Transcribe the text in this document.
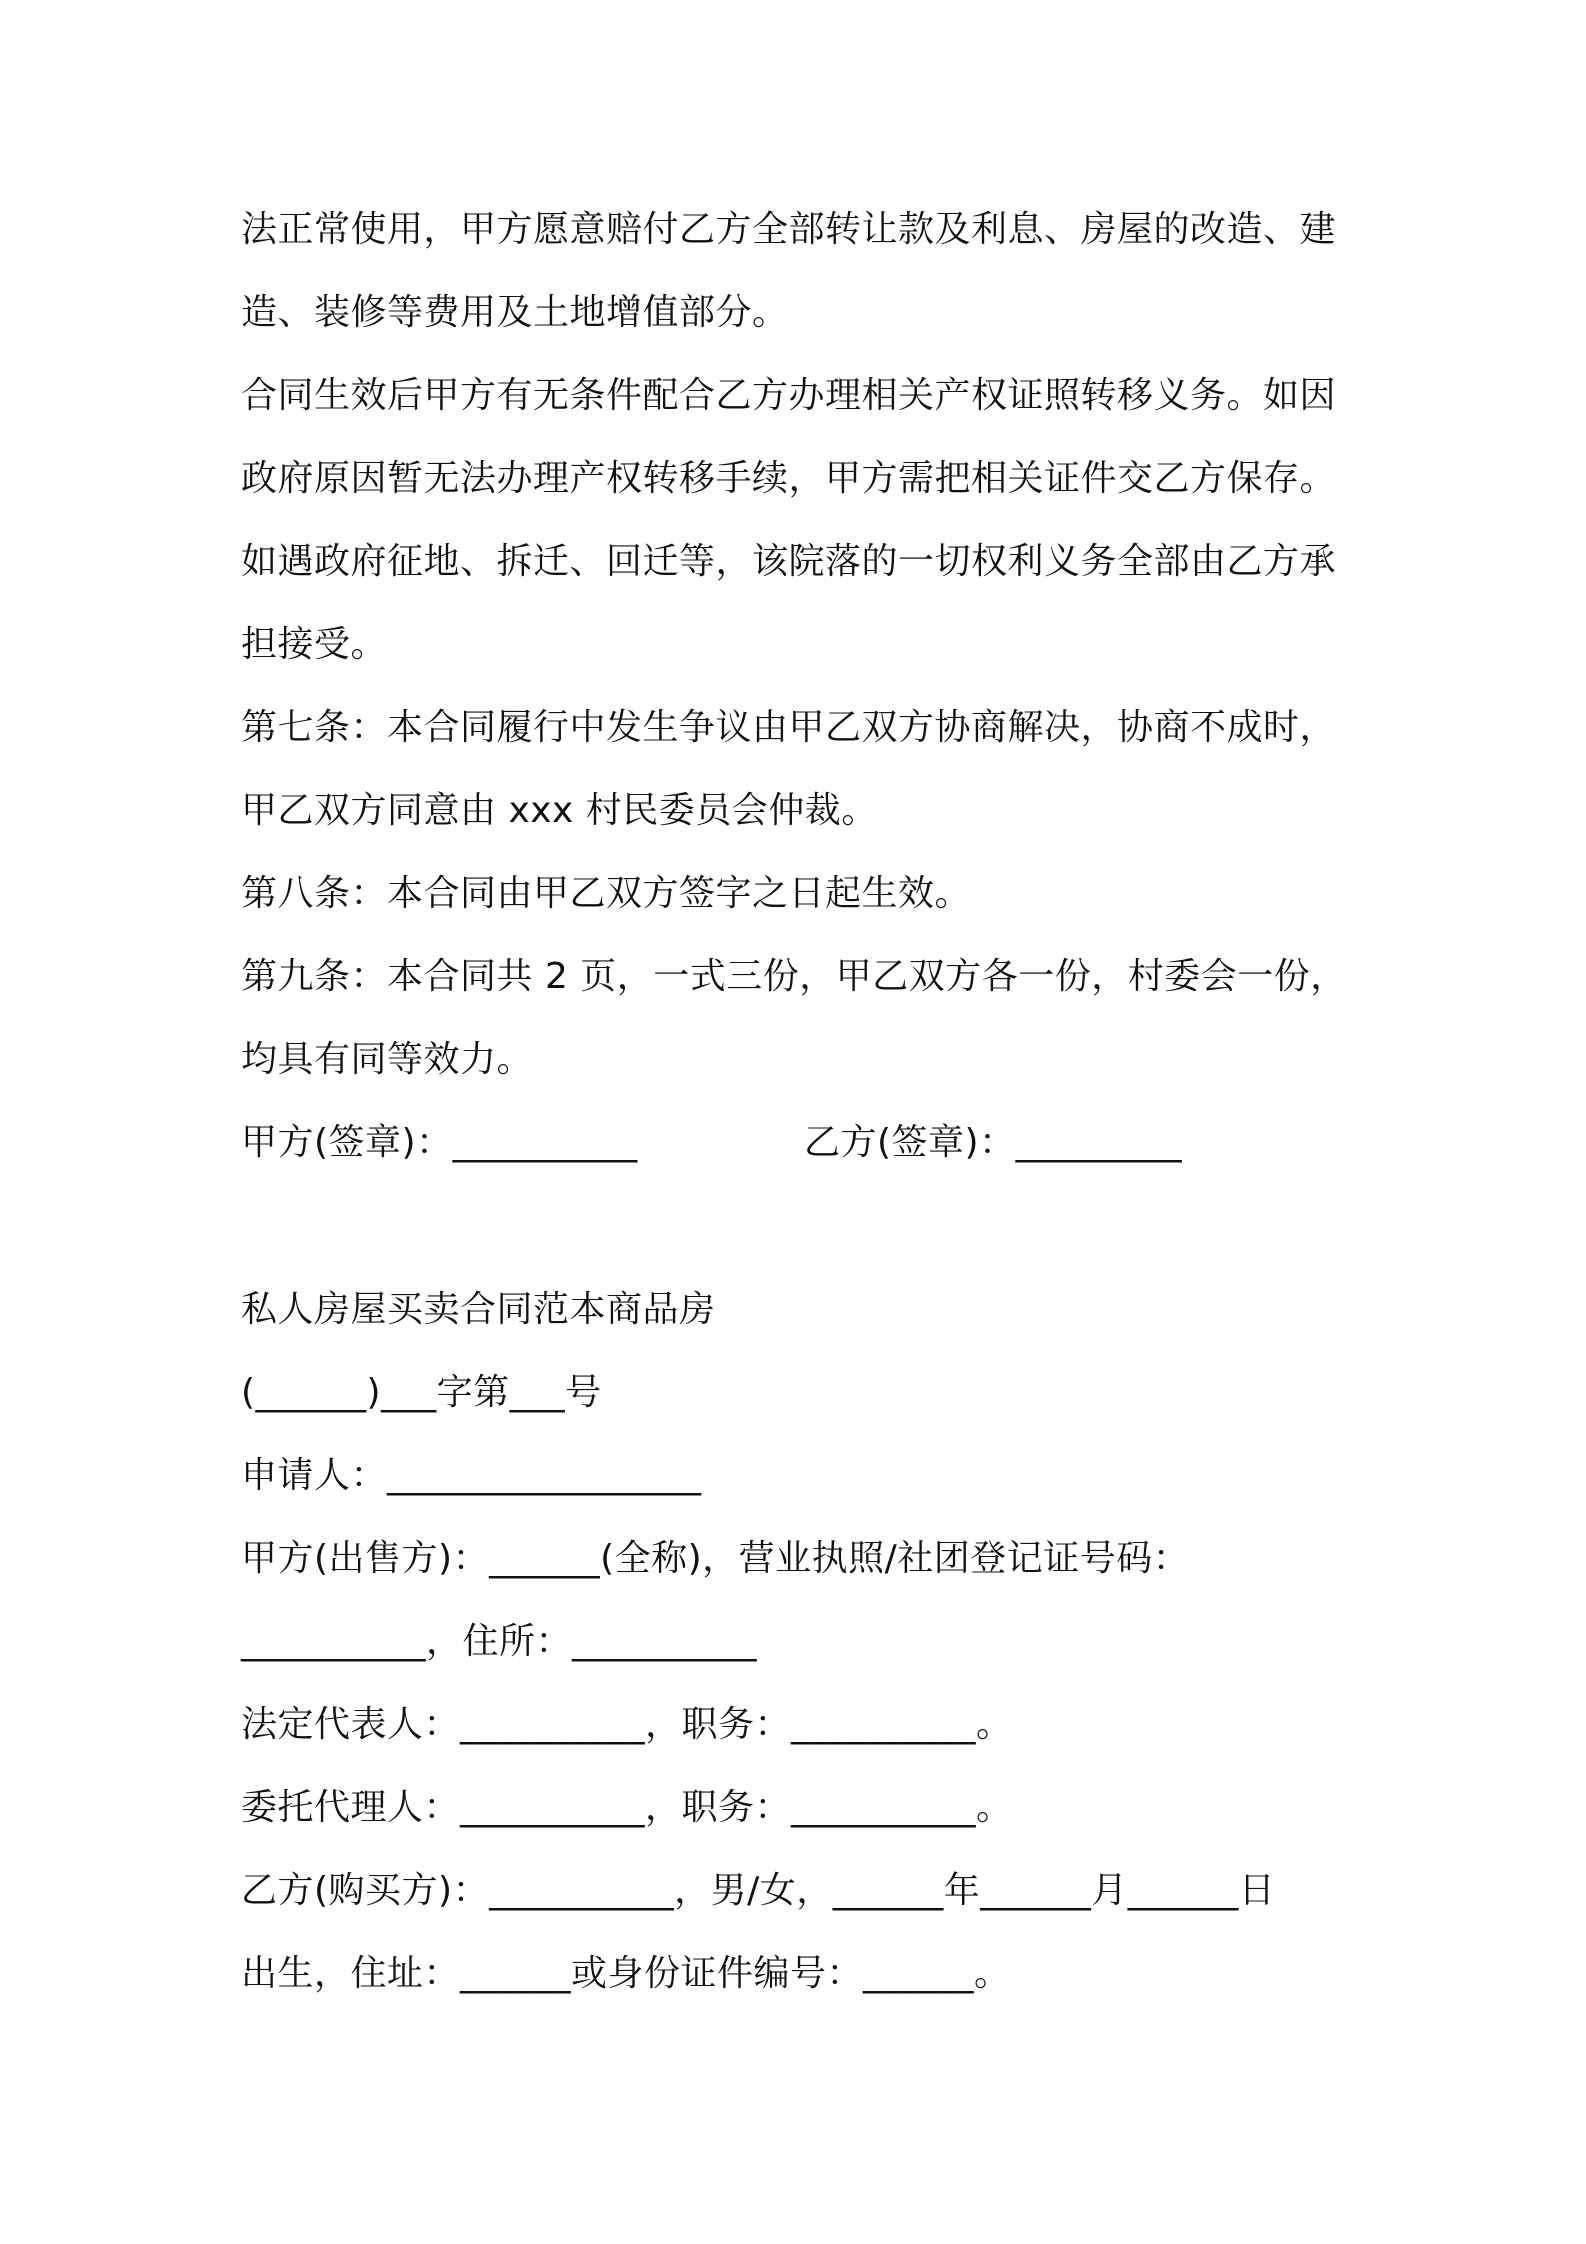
法正常使用，甲方愿意赔付乙方全部转让款及利息、房屋的改造、建
造、装修等费用及土地增值部分。
合同生效后甲方有无条件配合乙方办理相关产权证照转移义务。如因
政府原因暂无法办理产权转移手续，甲方需把相关证件交乙方保存。
如遇政府征地、拆迁、回迁等，该院落的一切权利义务全部由乙方承
担接受。
第七条：本合同履行中发生争议由甲乙双方协商解决，协商不成时，
甲乙双方同意由 xxx 村民委员会仲裁。
第八条：本合同由甲乙双方签字之日起生效。
第九条：本合同共 2 页，一式三份，甲乙双方各一份，村委会一份，
均具有同等效力。
甲方(签章)：__________	乙方(签章)：_________
私人房屋买卖合同范本商品房
(______)___字第___号
申请人：_________________
甲方(出售方)：______(全称)，营业执照/社团登记证号码：
__________，住所：__________
法定代表人：__________，职务：__________。
委托代理人：__________，职务：__________。
乙方(购买方)：__________，男/女，______年______月______日
出生，住址：______或身份证件编号：______。
